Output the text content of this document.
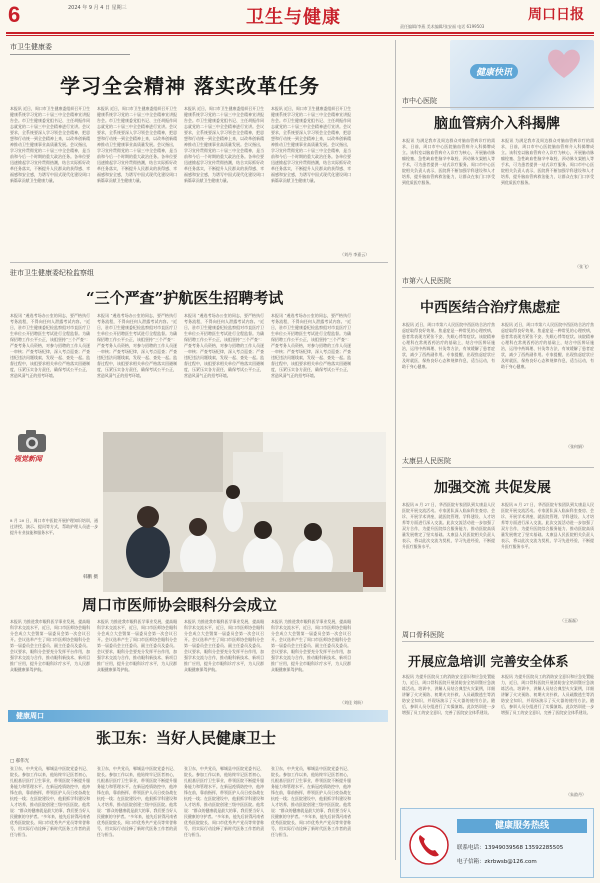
6	2024 年 9 月 4 日 星期三	卫生与健康	周口日报
责任编辑/李燕 美术编辑/张安福 电话 6199503
市卫生健康委
学习全会精神 落实改革任务
本报讯 近日，周口市卫生健康委组织召开卫生健康系统学习党的二十届三中全会精神宣讲报告会。市卫生健康委党组书记、主任胡振作同志就党的二十届三中全会精神进行宣讲。会议要求，全系统要深入学习领会全会精神，把思想和行动统一到全会精神上来，以改革创新精神推动卫生健康事业高质量发展。会议指出，学习宣传贯彻党的二十届三中全会精神，是当前和今后一个时期的重大政治任务。各单位要迅速掀起学习宣传贯彻热潮，结合实际抓好改革任务落实，不断提升人民群众的获得感、幸福感和安全感，为谱写中国式现代化建设周口新篇章贡献卫生健康力量。
本报讯 近日，周口市卫生健康委组织召开卫生健康系统学习党的二十届三中全会精神宣讲报告会。市卫生健康委党组书记、主任胡振作同志就党的二十届三中全会精神进行宣讲。会议要求，全系统要深入学习领会全会精神，把思想和行动统一到全会精神上来，以改革创新精神推动卫生健康事业高质量发展。会议指出，学习宣传贯彻党的二十届三中全会精神，是当前和今后一个时期的重大政治任务。各单位要迅速掀起学习宣传贯彻热潮，结合实际抓好改革任务落实，不断提升人民群众的获得感、幸福感和安全感，为谱写中国式现代化建设周口新篇章贡献卫生健康力量。
本报讯 近日，周口市卫生健康委组织召开卫生健康系统学习党的二十届三中全会精神宣讲报告会。市卫生健康委党组书记、主任胡振作同志就党的二十届三中全会精神进行宣讲。会议要求，全系统要深入学习领会全会精神，把思想和行动统一到全会精神上来，以改革创新精神推动卫生健康事业高质量发展。会议指出，学习宣传贯彻党的二十届三中全会精神，是当前和今后一个时期的重大政治任务。各单位要迅速掀起学习宣传贯彻热潮，结合实际抓好改革任务落实，不断提升人民群众的获得感、幸福感和安全感，为谱写中国式现代化建设周口新篇章贡献卫生健康力量。
本报讯 近日，周口市卫生健康委组织召开卫生健康系统学习党的二十届三中全会精神宣讲报告会。市卫生健康委党组书记、主任胡振作同志就党的二十届三中全会精神进行宣讲。会议要求，全系统要深入学习领会全会精神，把思想和行动统一到全会精神上来，以改革创新精神推动卫生健康事业高质量发展。会议指出，学习宣传贯彻党的二十届三中全会精神，是当前和今后一个时期的重大政治任务。各单位要迅速掀起学习宣传贯彻热潮，结合实际抓好改革任务落实，不断提升人民群众的获得感、幸福感和安全感，为谱写中国式现代化建设周口新篇章贡献卫生健康力量。
（刘丹 李嘉云）
健康快讯
驻市卫生健康委纪检监察组
“三个严查”护航医生招聘考试
本报讯 “遴选考场办公室的同志，要严格执行考务流程，不得向任何人泄露考试内容。”近日，驻市卫生健康委纪检监察组对市直医疗卫生单位公开招聘医生考试进行全程监督。为确保招聘工作公平公正，该组坚持“三个严查”：严查考务人员资格，对参与招聘的工作人员逐一审核；严查考场纪律，深入考点巡查；严查违纪违法问题线索，发现一起、查处一起。监督过程中，该组要求相关单位严格落实回避制度，压紧压实各方责任，确保考试公平公正，营造风清气正的招考环境。
本报讯 “遴选考场办公室的同志，要严格执行考务流程，不得向任何人泄露考试内容。”近日，驻市卫生健康委纪检监察组对市直医疗卫生单位公开招聘医生考试进行全程监督。为确保招聘工作公平公正，该组坚持“三个严查”：严查考务人员资格，对参与招聘的工作人员逐一审核；严查考场纪律，深入考点巡查；严查违纪违法问题线索，发现一起、查处一起。监督过程中，该组要求相关单位严格落实回避制度，压紧压实各方责任，确保考试公平公正，营造风清气正的招考环境。
本报讯 “遴选考场办公室的同志，要严格执行考务流程，不得向任何人泄露考试内容。”近日，驻市卫生健康委纪检监察组对市直医疗卫生单位公开招聘医生考试进行全程监督。为确保招聘工作公平公正，该组坚持“三个严查”：严查考务人员资格，对参与招聘的工作人员逐一审核；严查考场纪律，深入考点巡查；严查违纪违法问题线索，发现一起、查处一起。监督过程中，该组要求相关单位严格落实回避制度，压紧压实各方责任，确保考试公平公正，营造风清气正的招考环境。
本报讯 “遴选考场办公室的同志，要严格执行考务流程，不得向任何人泄露考试内容。”近日，驻市卫生健康委纪检监察组对市直医疗卫生单位公开招聘医生考试进行全程监督。为确保招聘工作公平公正，该组坚持“三个严查”：严查考务人员资格，对参与招聘的工作人员逐一审核；严查考场纪律，深入考点巡查；严查违纪违法问题线索，发现一起、查处一起。监督过程中，该组要求相关单位严格落实回避制度，压紧压实各方责任，确保考试公平公正，营造风清气正的招考环境。
视觉新闻
8 月 20 日，周口市中医院开展护理知识培训，通过讲授、演示、提问等方式，帮助护理人员进一步提升专业技能和服务水平。
韩鹏 摄
周口市医师协会眼科分会成立
本报讯 为推进我市眼科医学事业发展，提高眼科学术交流水平，近日，周口市医师协会眼科分会成立大会暨第一届委员会第一次会议召开。会议选举产生了周口市医师协会眼科分会第一届委员会主任委员、副主任委员及委员。会议要求，眼科分会要充分发挥平台作用，加强学术交流与合作，推动眼科新技术、新项目推广应用，提升全市眼科诊疗水平，为人民群众眼健康保驾护航。
本报讯 为推进我市眼科医学事业发展，提高眼科学术交流水平，近日，周口市医师协会眼科分会成立大会暨第一届委员会第一次会议召开。会议选举产生了周口市医师协会眼科分会第一届委员会主任委员、副主任委员及委员。会议要求，眼科分会要充分发挥平台作用，加强学术交流与合作，推动眼科新技术、新项目推广应用，提升全市眼科诊疗水平，为人民群众眼健康保驾护航。
本报讯 为推进我市眼科医学事业发展，提高眼科学术交流水平，近日，周口市医师协会眼科分会成立大会暨第一届委员会第一次会议召开。会议选举产生了周口市医师协会眼科分会第一届委员会主任委员、副主任委员及委员。会议要求，眼科分会要充分发挥平台作用，加强学术交流与合作，推动眼科新技术、新项目推广应用，提升全市眼科诊疗水平，为人民群众眼健康保驾护航。
本报讯 为推进我市眼科医学事业发展，提高眼科学术交流水平，近日，周口市医师协会眼科分会成立大会暨第一届委员会第一次会议召开。会议选举产生了周口市医师协会眼科分会第一届委员会主任委员、副主任委员及委员。会议要求，眼科分会要充分发挥平台作用，加强学术交流与合作，推动眼科新技术、新项目推广应用，提升全市眼科诊疗水平，为人民群众眼健康保驾护航。
（刘佳 刘盼）
健康周口
张卫东：当好人民健康卫士
□ 郝伟光
张卫东，中共党员，郸城县中医院党委书记、院长。参加工作以来，他始终牢记医者初心，扎根基层医疗卫生事业，带领医院不断提升服务能力和管理水平。在新冠疫情防控中，他冲锋在前，靠前指挥，带领医护人员日夜奋战在抗疫一线；在医院建设中，他狠抓学科建设和人才培养，推动医院创建三级中医医院。他常说：“群众的健康就是最大的事，我们要当好人民健康的守护者。”多年来，他先后获得河南省优秀医院院长、周口市优秀共产党员等荣誉称号，用实际行动诠释了新时代医务工作者的责任与担当。
张卫东，中共党员，郸城县中医院党委书记、院长。参加工作以来，他始终牢记医者初心，扎根基层医疗卫生事业，带领医院不断提升服务能力和管理水平。在新冠疫情防控中，他冲锋在前，靠前指挥，带领医护人员日夜奋战在抗疫一线；在医院建设中，他狠抓学科建设和人才培养，推动医院创建三级中医医院。他常说：“群众的健康就是最大的事，我们要当好人民健康的守护者。”多年来，他先后获得河南省优秀医院院长、周口市优秀共产党员等荣誉称号，用实际行动诠释了新时代医务工作者的责任与担当。
张卫东，中共党员，郸城县中医院党委书记、院长。参加工作以来，他始终牢记医者初心，扎根基层医疗卫生事业，带领医院不断提升服务能力和管理水平。在新冠疫情防控中，他冲锋在前，靠前指挥，带领医护人员日夜奋战在抗疫一线；在医院建设中，他狠抓学科建设和人才培养，推动医院创建三级中医医院。他常说：“群众的健康就是最大的事，我们要当好人民健康的守护者。”多年来，他先后获得河南省优秀医院院长、周口市优秀共产党员等荣誉称号，用实际行动诠释了新时代医务工作者的责任与担当。
张卫东，中共党员，郸城县中医院党委书记、院长。参加工作以来，他始终牢记医者初心，扎根基层医疗卫生事业，带领医院不断提升服务能力和管理水平。在新冠疫情防控中，他冲锋在前，靠前指挥，带领医护人员日夜奋战在抗疫一线；在医院建设中，他狠抓学科建设和人才培养，推动医院创建三级中医医院。他常说：“群众的健康就是最大的事，我们要当好人民健康的守护者。”多年来，他先后获得河南省优秀医院院长、周口市优秀共产党员等荣誉称号，用实际行动诠释了新时代医务工作者的责任与担当。
市中心医院
脑血管病介入科揭牌
本报讯 为满足我市及周边群众对脑血管病诊疗的需求，日前，周口市中心医院脑血管病介入科揭牌成立。该科室以脑血管病介入诊疗为核心，开展脑动脉瘤栓塞、急性缺血性脑卒中取栓、颈动脉支架植入等手术，可为患者提供一站式诊疗服务。周口市中心医院相关负责人表示，医院将不断加强学科建设和人才培养，提升脑血管病救治能力，让群众在家门口享受到优质医疗服务。
本报讯 为满足我市及周边群众对脑血管病诊疗的需求，日前，周口市中心医院脑血管病介入科揭牌成立。该科室以脑血管病介入诊疗为核心，开展脑动脉瘤栓塞、急性缺血性脑卒中取栓、颈动脉支架植入等手术，可为患者提供一站式诊疗服务。周口市中心医院相关负责人表示，医院将不断加强学科建设和人才培养，提升脑血管病救治能力，让群众在家门口享受到优质医疗服务。
（张飞）
市第六人民医院
中西医结合治疗焦虑症
本报讯 近日，周口市第六人民医院中西医结合治疗焦虑症取得良好效果。焦虑症是一种常见的心理疾病，患者常表现为紧张不安、失眠心悸等症状。该院精神心理科在常规西药治疗的基础上，结合中医辨证施治，运用中药调理、针灸等方法，有效缓解了患者症状，减少了西药副作用。专家提醒，出现焦虑症状应及时就医，保持良好心态和规律作息，适当运动，有助于身心健康。
本报讯 近日，周口市第六人民医院中西医结合治疗焦虑症取得良好效果。焦虑症是一种常见的心理疾病，患者常表现为紧张不安、失眠心悸等症状。该院精神心理科在常规西药治疗的基础上，结合中医辨证施治，运用中药调理、针灸等方法，有效缓解了患者症状，减少了西药副作用。专家提醒，出现焦虑症状应及时就医，保持良好心态和规律作息，适当运动，有助于身心健康。
（张何娟）
太康县人民医院
加强交流 共促发展
本报讯 8 月 27 日，华西医院专家团队到太康县人民医院开展交流活动。专家团队深入临床科室查房、会诊、开展学术讲座，就医院管理、学科建设、人才培养等方面进行深入交流。此次交流活动进一步加强了双方合作，为提升医院综合服务能力、推动医院高质量发展奠定了坚实基础。太康县人民医院相关负责人表示，将以此次交流为契机，学习先进经验，不断提升医疗服务水平。
本报讯 8 月 27 日，华西医院专家团队到太康县人民医院开展交流活动。专家团队深入临床科室查房、会诊、开展学术讲座，就医院管理、学科建设、人才培养等方面进行深入交流。此次交流活动进一步加强了双方合作，为提升医院综合服务能力、推动医院高质量发展奠定了坚实基础。太康县人民医院相关负责人表示，将以此次交流为契机，学习先进经验，不断提升医疗服务水平。
（王磊磊）
周口骨科医院
开展应急培训 完善安全体系
本报讯 为提升医院员工的消防安全意识和应急处置能力，近日，周口骨科医院开展消防安全培训暨应急演练活动。培训中，讲解人员结合典型火灾案例，详细讲解了火灾预防、初期火灾扑救、人员疏散逃生等消防安全知识，并现场演示了灭火器的使用方法。随后，参训人员分组进行了实操演练。此次培训进一步增强了员工的安全意识，完善了医院安全体系建设。
本报讯 为提升医院员工的消防安全意识和应急处置能力，近日，周口骨科医院开展消防安全培训暨应急演练活动。培训中，讲解人员结合典型火灾案例，详细讲解了火灾预防、初期火灾扑救、人员疏散逃生等消防安全知识，并现场演示了灭火器的使用方法。随后，参训人员分组进行了实操演练。此次培训进一步增强了员工的安全意识，完善了医院安全体系建设。
（朱韵丹）
健康服务热线
联系电话：13949039568 13592285505
电子信箱：zkrbwsb@126.com
